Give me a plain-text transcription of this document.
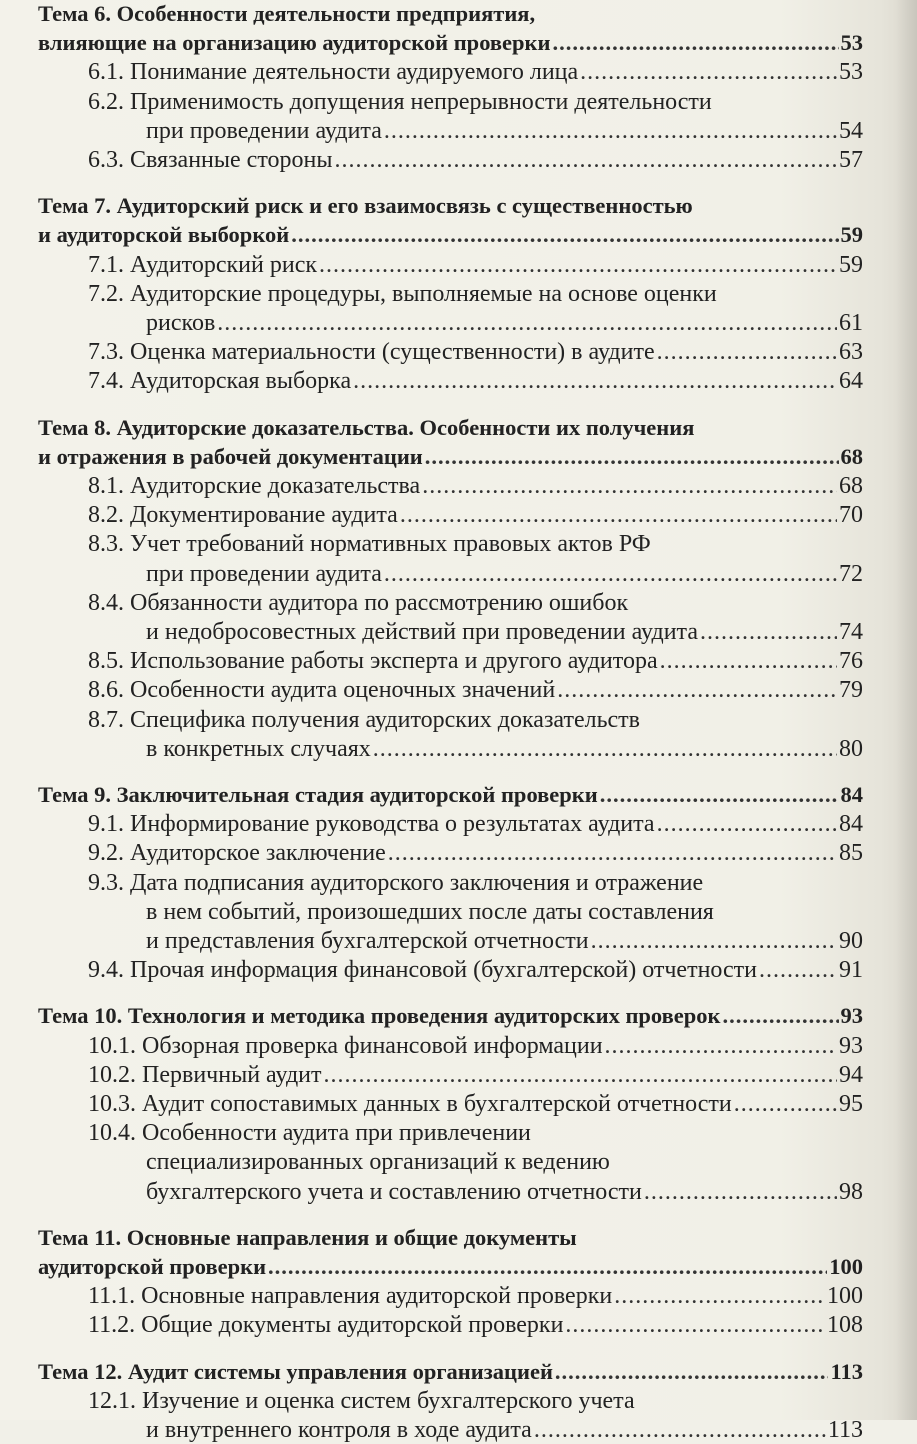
Тема 6. Особенности деятельности предприятия,
влияющие на организацию аудиторской проверки .....	53
6.1. Понимание деятельности аудируемого лица .....	53
6.2. Применимость допущения непрерывности деятельности
при проведении аудита .....	54
6.3. Связанные стороны .....	57
Тема 7. Аудиторский риск и его взаимосвязь с существенностью
и аудиторской выборкой .....	59
7.1. Аудиторский риск .....	59
7.2. Аудиторские процедуры, выполняемые на основе оценки
рисков .....	61
7.3. Оценка материальности (существенности) в аудите .....	63
7.4. Аудиторская выборка .....	64
Тема 8. Аудиторские доказательства. Особенности их получения
и отражения в рабочей документации .....	68
8.1. Аудиторские доказательства .....	68
8.2. Документирование аудита .....	70
8.3. Учет требований нормативных правовых актов РФ
при проведении аудита .....	72
8.4. Обязанности аудитора по рассмотрению ошибок
и недобросовестных действий при проведении аудита .....	74
8.5. Использование работы эксперта и другого аудитора .....	76
8.6. Особенности аудита оценочных значений .....	79
8.7. Специфика получения аудиторских доказательств
в конкретных случаях .....	80
Тема 9. Заключительная стадия аудиторской проверки .....	84
9.1. Информирование руководства о результатах аудита .....	84
9.2. Аудиторское заключение .....	85
9.3. Дата подписания аудиторского заключения и отражение
в нем событий, произошедших после даты составления
и представления бухгалтерской отчетности .....	90
9.4. Прочая информация финансовой (бухгалтерской) отчетности .....	91
Тема 10. Технология и методика проведения аудиторских проверок .....	93
10.1. Обзорная проверка финансовой информации .....	93
10.2. Первичный аудит .....	94
10.3. Аудит сопоставимых данных в бухгалтерской отчетности .....	95
10.4. Особенности аудита при привлечении
специализированных организаций к ведению
бухгалтерского учета и составлению отчетности .....	98
Тема 11. Основные направления и общие документы
аудиторской проверки .....	100
11.1. Основные направления аудиторской проверки .....	100
11.2. Общие документы аудиторской проверки .....	108
Тема 12. Аудит системы управления организацией .....	113
12.1. Изучение и оценка систем бухгалтерского учета
и внутреннего контроля в ходе аудита .....	113
